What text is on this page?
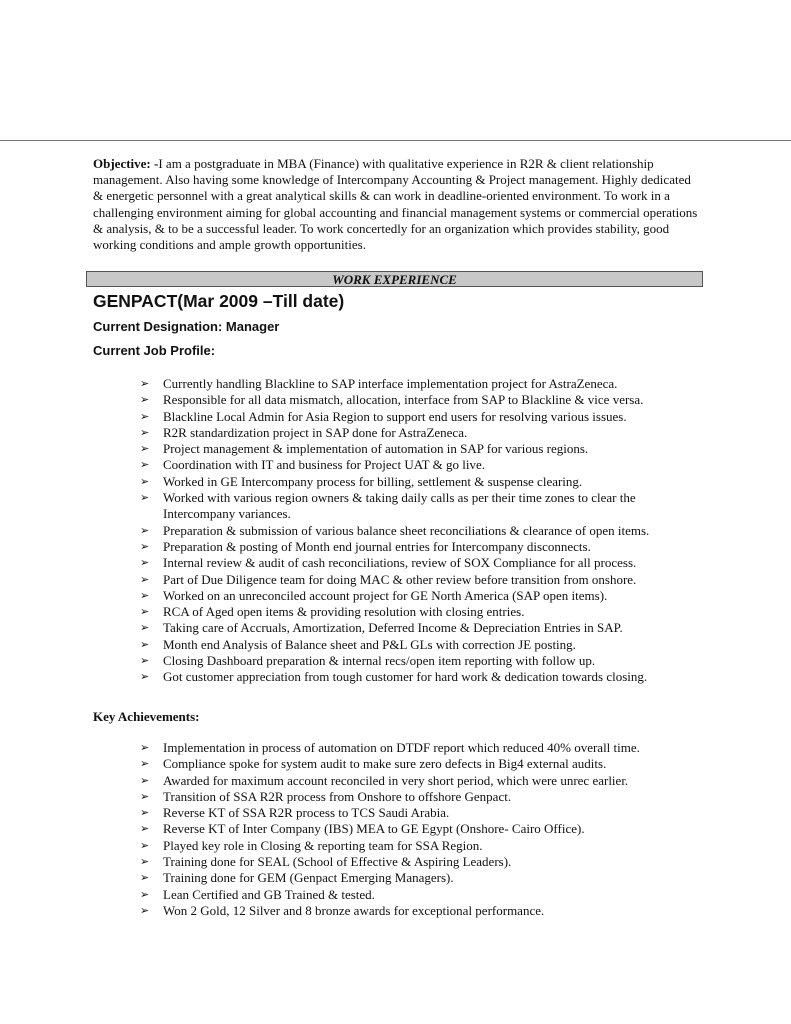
Objective: -I am a postgraduate in MBA (Finance) with qualitative experience in R2R & client relationship management. Also having some knowledge of Intercompany Accounting & Project management. Highly dedicated & energetic personnel with a great analytical skills & can work in deadline-oriented environment. To work in a challenging environment aiming for global accounting and financial management systems or commercial operations & analysis, & to be a successful leader. To work concertedly for an organization which provides stability, good working conditions and ample growth opportunities.
WORK EXPERIENCE
GENPACT(Mar 2009 –Till date)
Current Designation: Manager
Current Job Profile:
➢ Currently handling Blackline to SAP interface implementation project for AstraZeneca.
➢ Responsible for all data mismatch, allocation, interface from SAP to Blackline & vice versa.
➢ Blackline Local Admin for Asia Region to support end users for resolving various issues.
➢ R2R standardization project in SAP done for AstraZeneca.
➢ Project management & implementation of automation in SAP for various regions.
➢ Coordination with IT and business for Project UAT & go live.
➢ Worked in GE Intercompany process for billing, settlement & suspense clearing.
➢ Worked with various region owners & taking daily calls as per their time zones to clear the Intercompany variances.
➢ Preparation & submission of various balance sheet reconciliations & clearance of open items.
➢ Preparation & posting of Month end journal entries for Intercompany disconnects.
➢ Internal review & audit of cash reconciliations, review of SOX Compliance for all process.
➢ Part of Due Diligence team for doing MAC & other review before transition from onshore.
➢ Worked on an unreconciled account project for GE North America (SAP open items).
➢ RCA of Aged open items & providing resolution with closing entries.
➢ Taking care of Accruals, Amortization, Deferred Income & Depreciation Entries in SAP.
➢ Month end Analysis of Balance sheet and P&L GLs with correction JE posting.
➢ Closing Dashboard preparation & internal recs/open item reporting with follow up.
➢ Got customer appreciation from tough customer for hard work & dedication towards closing.
Key Achievements:
➢ Implementation in process of automation on DTDF report which reduced 40% overall time.
➢ Compliance spoke for system audit to make sure zero defects in Big4 external audits.
➢ Awarded for maximum account reconciled in very short period, which were unrec earlier.
➢ Transition of SSA R2R process from Onshore to offshore Genpact.
➢ Reverse KT of SSA R2R process to TCS Saudi Arabia.
➢ Reverse KT of Inter Company (IBS) MEA to GE Egypt (Onshore- Cairo Office).
➢ Played key role in Closing & reporting team for SSA Region.
➢ Training done for SEAL (School of Effective & Aspiring Leaders).
➢ Training done for GEM (Genpact Emerging Managers).
➢ Lean Certified and GB Trained & tested.
➢ Won 2 Gold, 12 Silver and 8 bronze awards for exceptional performance.
